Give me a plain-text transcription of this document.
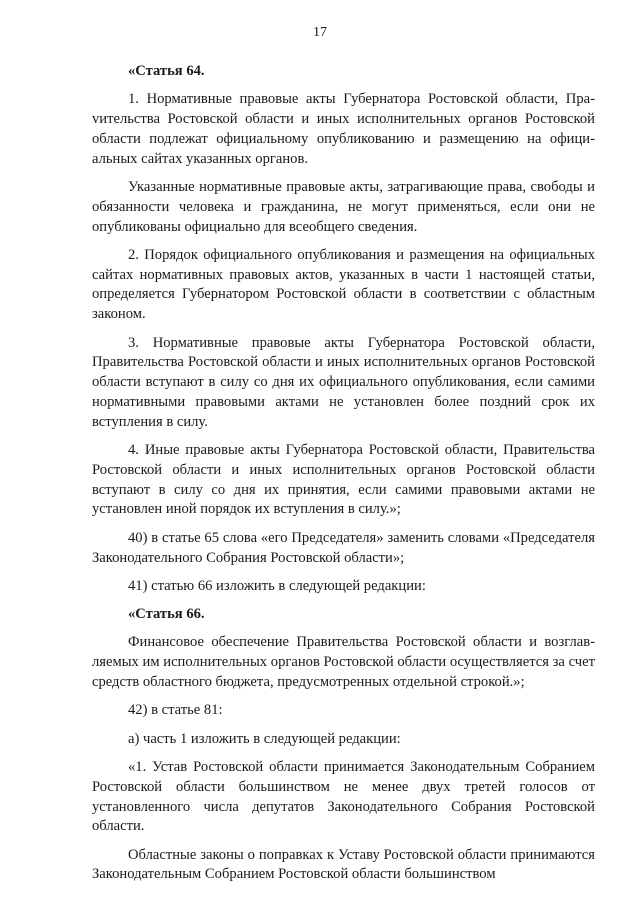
17

«Статья 64.

1. Нормативные правовые акты Губернатора Ростовской области, Праvительства Ростовской области и иных исполнительных органов Ростовской области подлежат официальному опубликованию и размещению на официальных сайтах указанных органов.

Указанные нормативные правовые акты, затрагивающие права, свободы и обязанности человека и гражданина, не могут применяться, если они не опубликованы официально для всеобщего сведения.

2. Порядок официального опубликования и размещения на официальных сайтах нормативных правовых актов, указанных в части 1 настоящей статьи, определяется Губернатором Ростовской области в соответствии с областным законом.

3. Нормативные правовые акты Губернатора Ростовской области, Правительства Ростовской области и иных исполнительных органов Ростовской области вступают в силу со дня их официального опубликования, если самими нормативными правовыми актами не установлен более поздний срок их вступления в силу.

4. Иные правовые акты Губернатора Ростовской области, Правительства Ростовской области и иных исполнительных органов Ростовской области вступают в силу со дня их принятия, если самими правовыми актами не установлен иной порядок их вступления в силу.»;

40) в статье 65 слова «его Председателя» заменить словами «Председателя Законодательного Собрания Ростовской области»;

41) статью 66 изложить в следующей редакции:

«Статья 66.

Финансовое обеспечение Правительства Ростовской области и возглавляемых им исполнительных органов Ростовской области осуществляется за счет средств областного бюджета, предусмотренных отдельной строкой.»;

42) в статье 81:

а) часть 1 изложить в следующей редакции:

«1. Устав Ростовской области принимается Законодательным Собранием Ростовской области большинством не менее двух третей голосов от установленного числа депутатов Законодательного Собрания Ростовской области.

Областные законы о поправках к Уставу Ростовской области принимаются Законодательным Собранием Ростовской области большинством
